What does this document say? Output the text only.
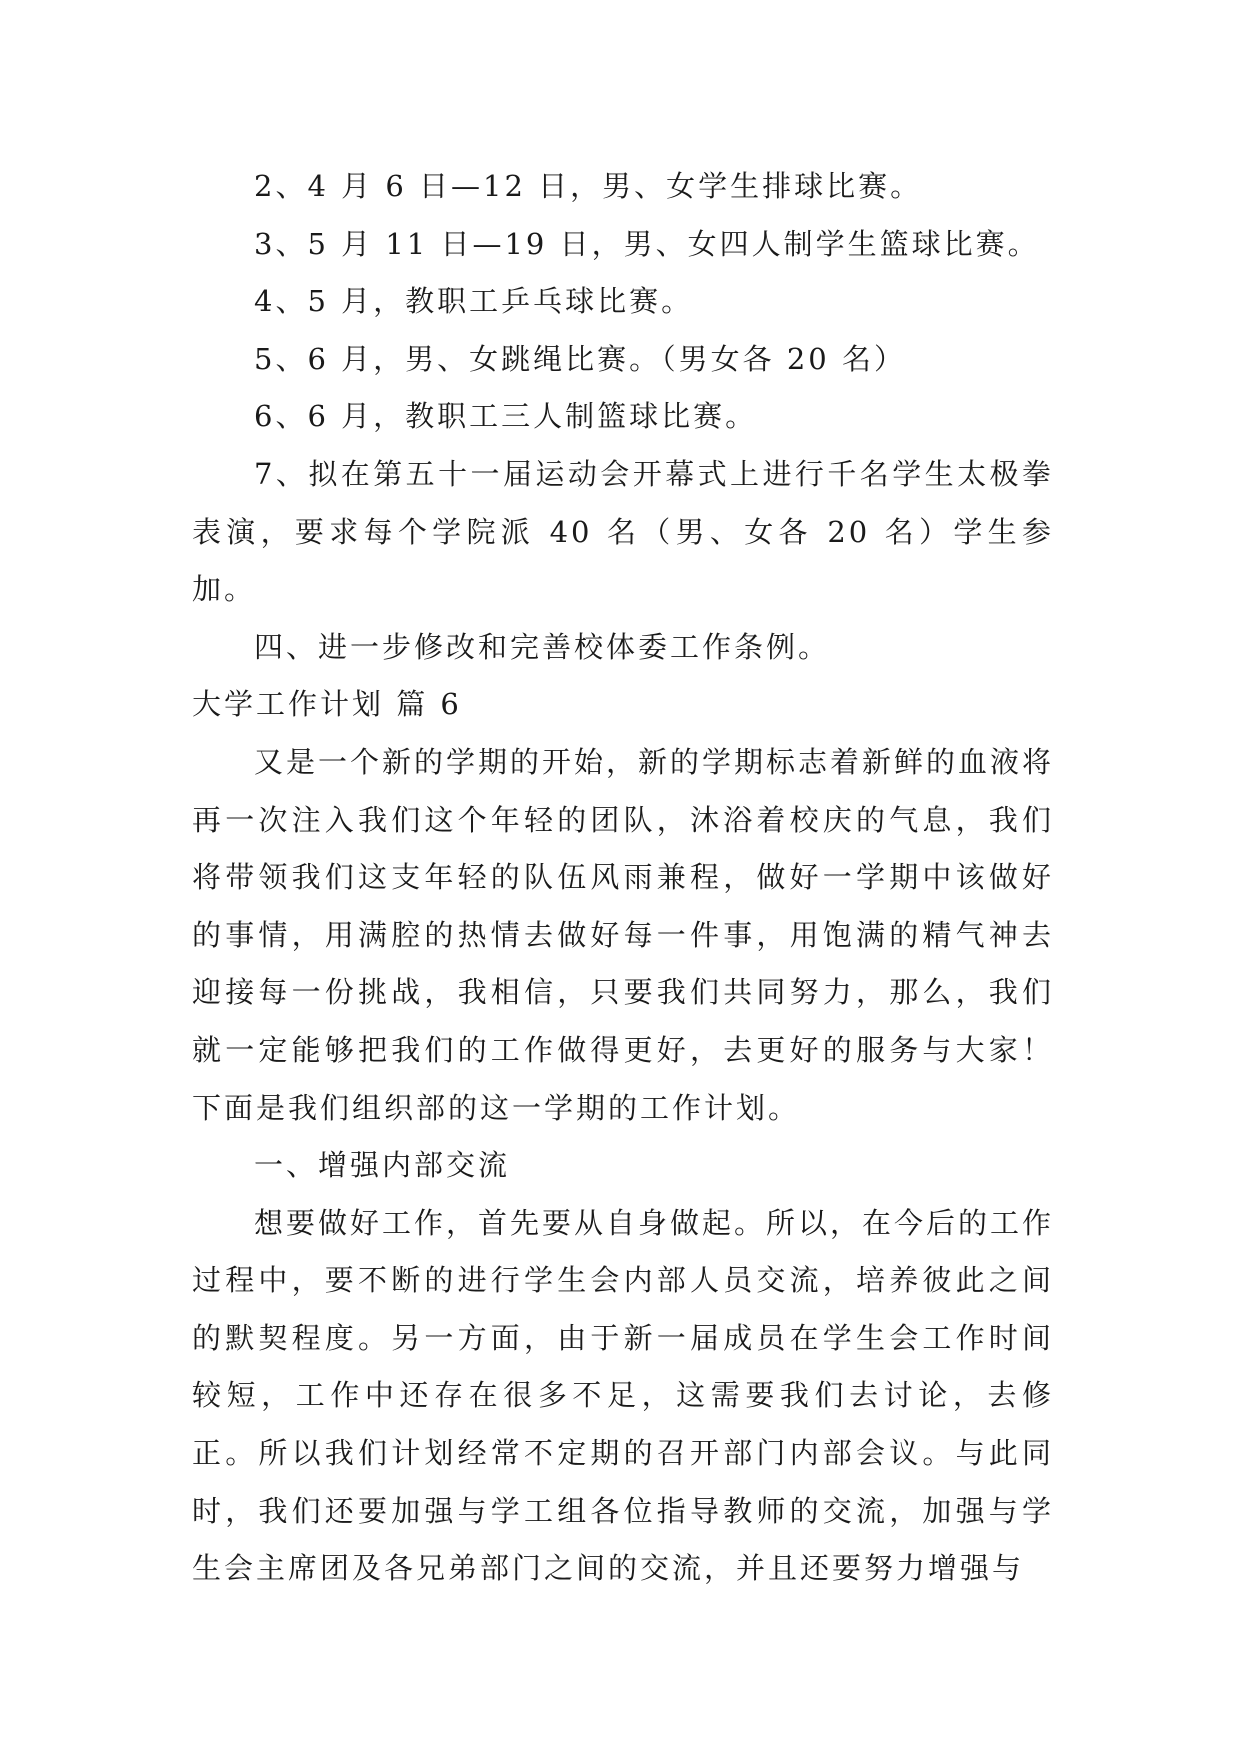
2、4 月 6 日—12 日，男、女学生排球比赛。

3、5 月 11 日—19 日，男、女四人制学生篮球比赛。

4、5 月，教职工乒乓球比赛。

5、6 月，男、女跳绳比赛。（男女各 20 名）

6、6 月，教职工三人制篮球比赛。

7、拟在第五十一届运动会开幕式上进行千名学生太极拳表演，要求每个学院派 40 名（男、女各 20 名）学生参加。

四、进一步修改和完善校体委工作条例。

大学工作计划 篇 6

又是一个新的学期的开始，新的学期标志着新鲜的血液将再一次注入我们这个年轻的团队，沐浴着校庆的气息，我们将带领我们这支年轻的队伍风雨兼程，做好一学期中该做好的事情，用满腔的热情去做好每一件事，用饱满的精气神去迎接每一份挑战，我相信，只要我们共同努力，那么，我们就一定能够把我们的工作做得更好，去更好的服务与大家！下面是我们组织部的这一学期的工作计划。

一、增强内部交流

想要做好工作，首先要从自身做起。所以，在今后的工作过程中，要不断的进行学生会内部人员交流，培养彼此之间的默契程度。另一方面，由于新一届成员在学生会工作时间较短，工作中还存在很多不足，这需要我们去讨论，去修正。所以我们计划经常不定期的召开部门内部会议。与此同时，我们还要加强与学工组各位指导教师的交流，加强与学生会主席团及各兄弟部门之间的交流，并且还要努力增强与
